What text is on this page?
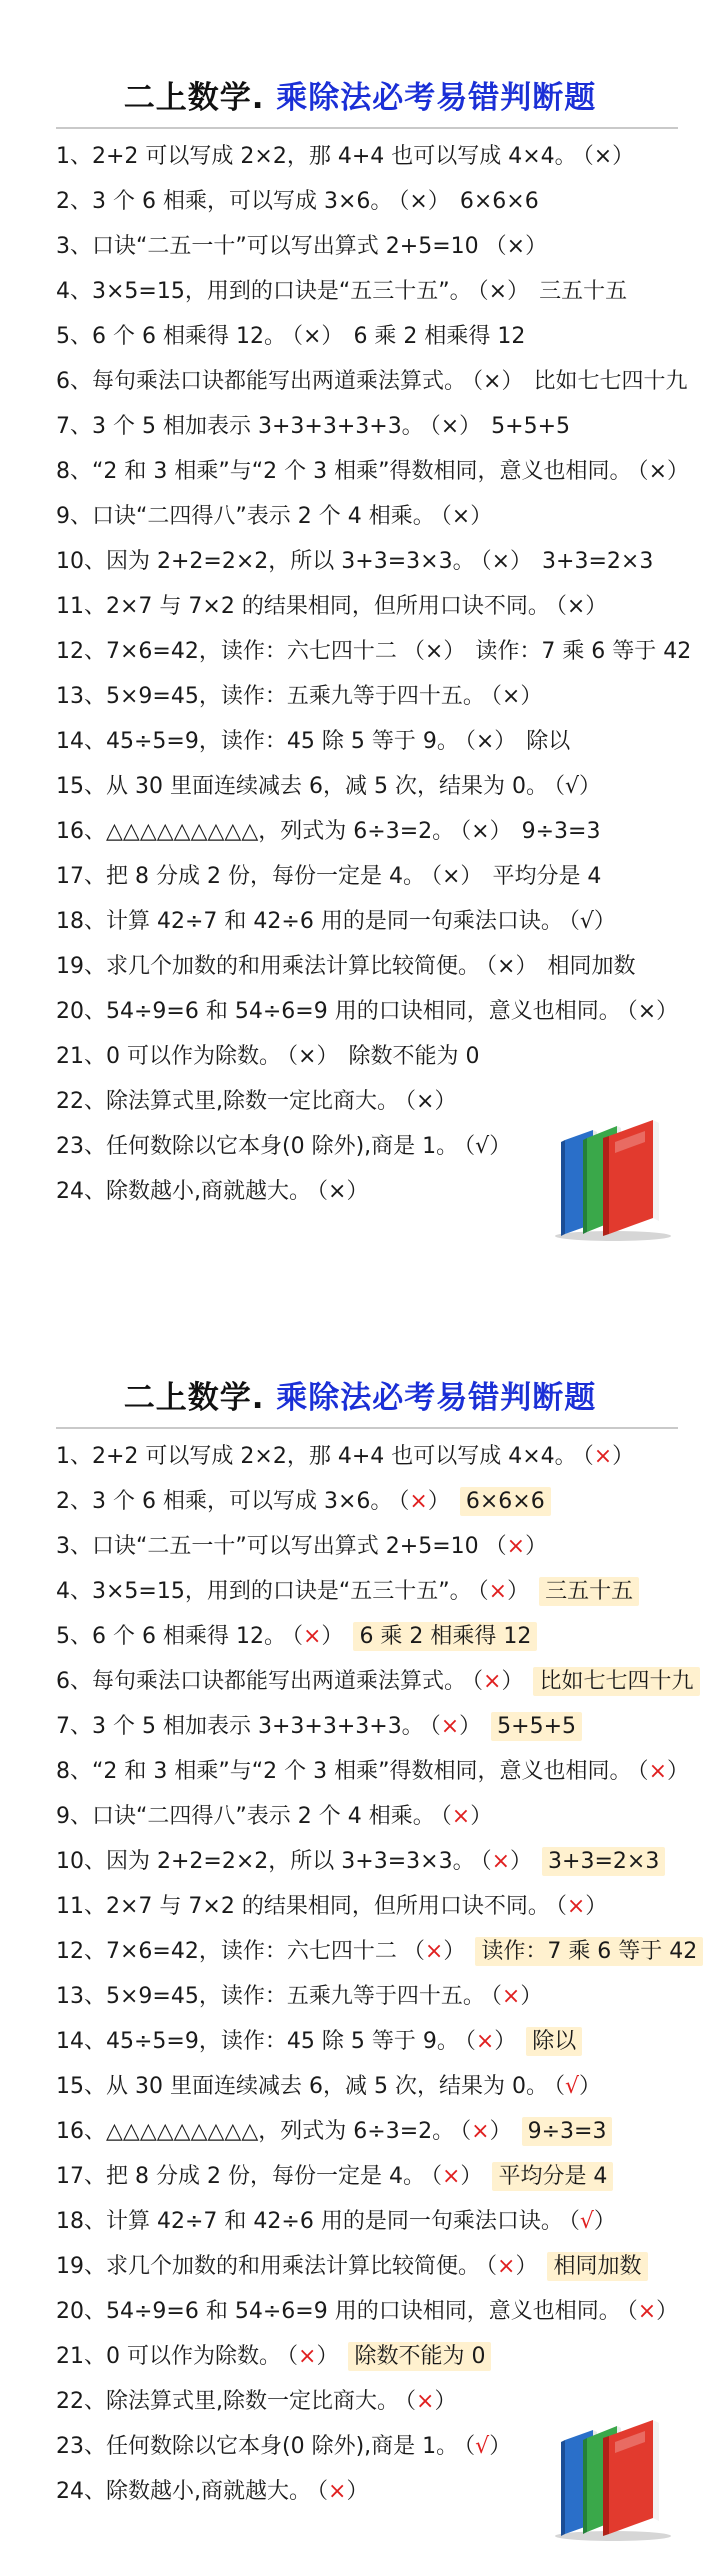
二上数学. 乘除法必考易错判断题
1、2+2 可以写成 2×2，那 4+4 也可以写成 4×4。 （×）
2、3 个 6 相乘，可以写成 3×6。 （×） 6×6×6
3、口诀“二五一十”可以写出算式 2+5=10 （×）
4、3×5=15，用到的口诀是“五三十五”。 （×） 三五十五
5、6 个 6 相乘得 12。 （×） 6 乘 2 相乘得 12
6、每句乘法口诀都能写出两道乘法算式。 （×） 比如七七四十九
7、3 个 5 相加表示 3+3+3+3+3。 （×） 5+5+5
8、“2 和 3 相乘”与“2 个 3 相乘”得数相同，意义也相同。 （×）
9、口诀“二四得八”表示 2 个 4 相乘。 （×）
10、因为 2+2=2×2，所以 3+3=3×3。 （×） 3+3=2×3
11、2×7 与 7×2 的结果相同，但所用口诀不同。 （×）
12、7×6=42，读作：六七四十二 （×） 读作：7 乘 6 等于 42
13、5×9=45，读作：五乘九等于四十五。 （×）
14、45÷5=9，读作：45 除 5 等于 9。 （×） 除以
15、从 30 里面连续减去 6，减 5 次，结果为 0。 （√）
16、△△△△△△△△△，列式为 6÷3=2。 （×） 9÷3=3
17、把 8 分成 2 份，每份一定是 4。 （×） 平均分是 4
18、计算 42÷7 和 42÷6 用的是同一句乘法口诀。 （√）
19、求几个加数的和用乘法计算比较简便。 （×） 相同加数
20、54÷9=6 和 54÷6=9 用的口诀相同，意义也相同。 （×）
21、0 可以作为除数。 （×） 除数不能为 0
22、除法算式里,除数一定比商大。 （×）
23、任何数除以它本身(0 除外),商是 1。 （√）
24、除数越小,商就越大。 （×）
二上数学. 乘除法必考易错判断题
1、2+2 可以写成 2×2，那 4+4 也可以写成 4×4。 （×）
2、3 个 6 相乘，可以写成 3×6。 （×） 6×6×6
3、口诀“二五一十”可以写出算式 2+5=10 （×）
4、3×5=15，用到的口诀是“五三十五”。 （×） 三五十五
5、6 个 6 相乘得 12。 （×） 6 乘 2 相乘得 12
6、每句乘法口诀都能写出两道乘法算式。 （×） 比如七七四十九
7、3 个 5 相加表示 3+3+3+3+3。 （×） 5+5+5
8、“2 和 3 相乘”与“2 个 3 相乘”得数相同，意义也相同。 （×）
9、口诀“二四得八”表示 2 个 4 相乘。 （×）
10、因为 2+2=2×2，所以 3+3=3×3。 （×） 3+3=2×3
11、2×7 与 7×2 的结果相同，但所用口诀不同。 （×）
12、7×6=42，读作：六七四十二 （×） 读作：7 乘 6 等于 42
13、5×9=45，读作：五乘九等于四十五。 （×）
14、45÷5=9，读作：45 除 5 等于 9。 （×） 除以
15、从 30 里面连续减去 6，减 5 次，结果为 0。 （√）
16、△△△△△△△△△，列式为 6÷3=2。 （×） 9÷3=3
17、把 8 分成 2 份，每份一定是 4。 （×） 平均分是 4
18、计算 42÷7 和 42÷6 用的是同一句乘法口诀。 （√）
19、求几个加数的和用乘法计算比较简便。 （×） 相同加数
20、54÷9=6 和 54÷6=9 用的口诀相同，意义也相同。 （×）
21、0 可以作为除数。 （×） 除数不能为 0
22、除法算式里,除数一定比商大。 （×）
23、任何数除以它本身(0 除外),商是 1。 （√）
24、除数越小,商就越大。 （×）
